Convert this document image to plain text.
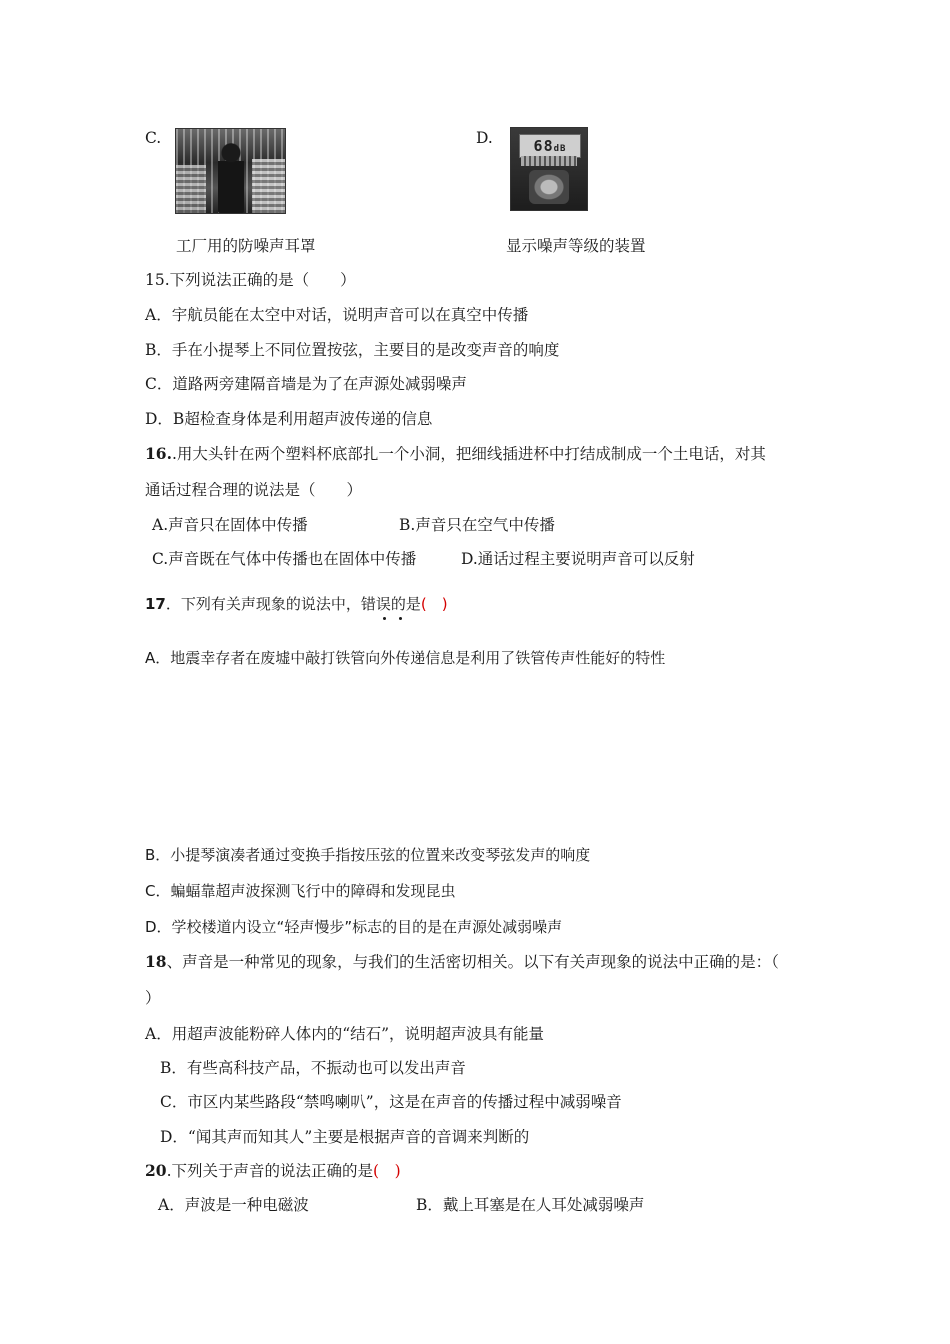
C.	D.	68dB
工厂用的防噪声耳罩	显示噪声等级的装置
15.下列说法正确的是（　　）
A．宇航员能在太空中对话，说明声音可以在真空中传播
B．手在小提琴上不同位置按弦，主要目的是改变声音的响度
C．道路两旁建隔音墙是为了在声源处减弱噪声
D．B超检查身体是利用超声波传递的信息
16..用大头针在两个塑料杯底部扎一个小洞，把细线插进杯中打结成制成一个土电话，对其
通话过程合理的说法是（　　）
A.声音只在固体中传播	B.声音只在空气中传播
C.声音既在气体中传播也在固体中传播	D.通话过程主要说明声音可以反射
17．下列有关声现象的说法中，错误的是(　)
A．地震幸存者在废墟中敲打铁管向外传递信息是利用了铁管传声性能好的特性
B．小提琴演凑者通过变换手指按压弦的位置来改变琴弦发声的响度
C．蝙蝠靠超声波探测飞行中的障碍和发现昆虫
D．学校楼道内设立“轻声慢步”标志的目的是在声源处减弱噪声
18、声音是一种常见的现象，与我们的生活密切相关。以下有关声现象的说法中正确的是：（
）
A．用超声波能粉碎人体内的“结石”，说明超声波具有能量
B．有些高科技产品，不振动也可以发出声音
C．市区内某些路段“禁鸣喇叭”，这是在声音的传播过程中减弱噪音
D．“闻其声而知其人”主要是根据声音的音调来判断的
20.下列关于声音的说法正确的是(　)
A．声波是一种电磁波	B．戴上耳塞是在人耳处减弱噪声
